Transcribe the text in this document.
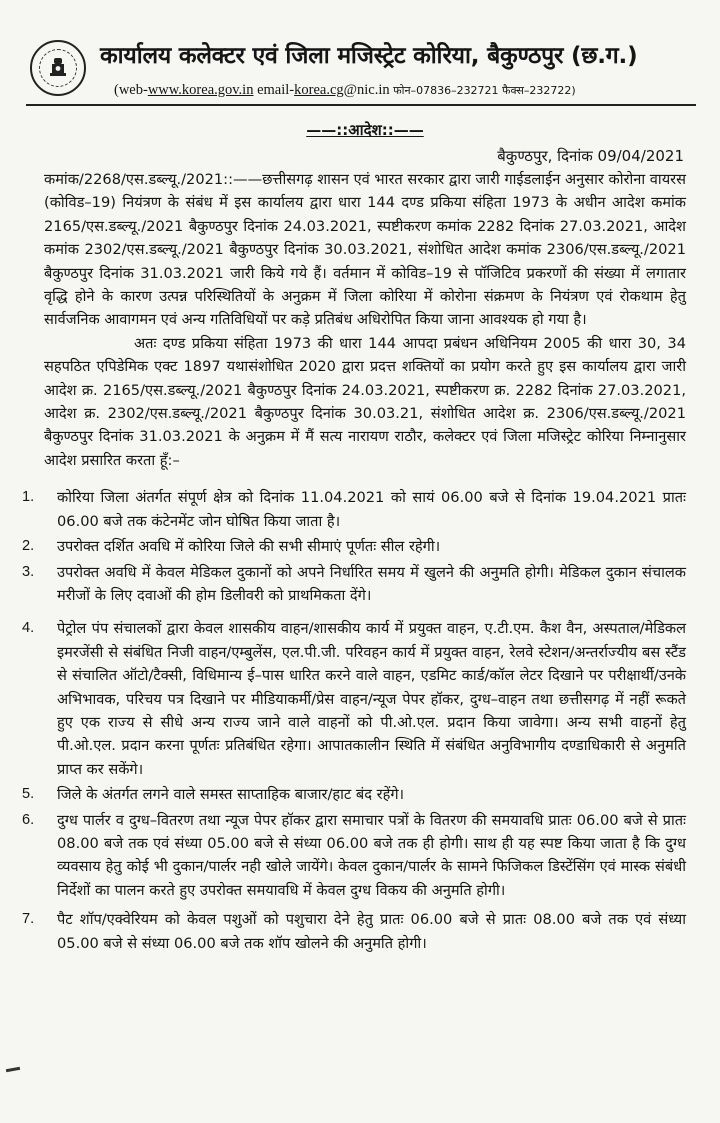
कार्यालय कलेक्टर एवं जिला मजिस्ट्रेट कोरिया, बैकुण्ठपुर (छ.ग.)
(web-www.korea.gov.in email-korea.cg@nic.in फोन–07836–232721 फैक्स–232722)
——::आदेश::——
बैकुण्ठपुर, दिनांक 09/04/2021

कमांक/2268/एस.डब्ल्यू./2021::——छत्तीसगढ़ शासन एवं भारत सरकार द्वारा जारी गाईडलाईन अनुसार कोरोना वायरस (कोविड–19) नियंत्रण के संबंध में इस कार्यालय द्वारा धारा 144 दण्ड प्रकिया संहिता 1973 के अधीन आदेश कमांक 2165/एस.डब्ल्यू./2021 बैकुण्ठपुर दिनांक 24.03.2021, स्पष्टीकरण कमांक 2282 दिनांक 27.03.2021, आदेश कमांक 2302/एस.डब्ल्यू./2021 बैकुण्ठपुर दिनांक 30.03.2021, संशोधित आदेश कमांक 2306/एस.डब्ल्यू./2021 बैकुण्ठपुर दिनांक 31.03.2021 जारी किये गये हैं। वर्तमान में कोविड–19 से पॉजिटिव प्रकरणों की संख्या में लगातार वृद्धि होने के कारण उत्पन्न परिस्थितियों के अनुक्रम में जिला कोरिया में कोरोना संक्रमण के नियंत्रण एवं रोकथाम हेतु सार्वजनिक आवागमन एवं अन्य गतिविधियों पर कड़े प्रतिबंध अधिरोपित किया जाना आवश्यक हो गया है।

अतः दण्ड प्रकिया संहिता 1973 की धारा 144 आपदा प्रबंधन अधिनियम 2005 की धारा 30, 34 सहपठित एपिडेमिक एक्ट 1897 यथासंशोधित 2020 द्वारा प्रदत्त शक्तियों का प्रयोग करते हुए इस कार्यालय द्वारा जारी आदेश क्र. 2165/एस.डब्ल्यू./2021 बैकुण्ठपुर दिनांक 24.03.2021, स्पष्टीकरण क्र. 2282 दिनांक 27.03.2021, आदेश क्र. 2302/एस.डब्ल्यू./2021 बैकुण्ठपुर दिनांक 30.03.21, संशोधित आदेश क्र. 2306/एस.डब्ल्यू./2021 बैकुण्ठपुर दिनांक 31.03.2021 के अनुक्रम में मैं सत्य नारायण राठौर, कलेक्टर एवं जिला मजिस्ट्रेट कोरिया निम्नानुसार आदेश प्रसारित करता हूँ:–

1. कोरिया जिला अंतर्गत संपूर्ण क्षेत्र को दिनांक 11.04.2021 को सायं 06.00 बजे से दिनांक 19.04.2021 प्रातः 06.00 बजे तक कंटेनमेंट जोन घोषित किया जाता है।
2. उपरोक्त दर्शित अवधि में कोरिया जिले की सभी सीमाएं पूर्णतः सील रहेगी।
3. उपरोक्त अवधि में केवल मेडिकल दुकानों को अपने निर्धारित समय में खुलने की अनुमति होगी। मेडिकल दुकान संचालक मरीजों के लिए दवाओं की होम डिलीवरी को प्राथमिकता देंगे।
4. पेट्रोल पंप संचालकों द्वारा केवल शासकीय वाहन/शासकीय कार्य में प्रयुक्त वाहन, ए.टी.एम. कैश वैन, अस्पताल/मेडिकल इमरजेंसी से संबंधित निजी वाहन/एम्बुलेंस, एल.पी.जी. परिवहन कार्य में प्रयुक्त वाहन, रेलवे स्टेशन/अन्तर्राज्यीय बस स्टैंड से संचालित ऑटो/टैक्सी, विधिमान्य ई–पास धारित करने वाले वाहन, एडमिट कार्ड/कॉल लेटर दिखाने पर परीक्षार्थी/उनके अभिभावक, परिचय पत्र दिखाने पर मीडियाकर्मी/प्रेस वाहन/न्यूज पेपर हॉकर, दुग्ध–वाहन तथा छत्तीसगढ़ में नहीं रूकते हुए एक राज्य से सीधे अन्य राज्य जाने वाले वाहनों को पी.ओ.एल. प्रदान किया जावेगा। अन्य सभी वाहनों हेतु पी.ओ.एल. प्रदान करना पूर्णतः प्रतिबंधित रहेगा। आपातकालीन स्थिति में संबंधित अनुविभागीय दण्डाधिकारी से अनुमति प्राप्त कर सकेंगे।
5. जिले के अंतर्गत लगने वाले समस्त साप्ताहिक बाजार/हाट बंद रहेंगे।
6. दुग्ध पार्लर व दुग्ध–वितरण तथा न्यूज पेपर हॉकर द्वारा समाचार पत्रों के वितरण की समयावधि प्रातः 06.00 बजे से प्रातः 08.00 बजे तक एवं संध्या 05.00 बजे से संध्या 06.00 बजे तक ही होगी। साथ ही यह स्पष्ट किया जाता है कि दुग्ध व्यवसाय हेतु कोई भी दुकान/पार्लर नही खोले जायेंगे। केवल दुकान/पार्लर के सामने फिजिकल डिस्टेंसिंग एवं मास्क संबंधी निर्देशों का पालन करते हुए उपरोक्त समयावधि में केवल दुग्ध विकय की अनुमति होगी।
7. पैट शॉप/एक्वेरियम को केवल पशुओं को पशुचारा देने हेतु प्रातः 06.00 बजे से प्रातः 08.00 बजे तक एवं संध्या 05.00 बजे से संध्या 06.00 बजे तक शॉप खोलने की अनुमति होगी।
